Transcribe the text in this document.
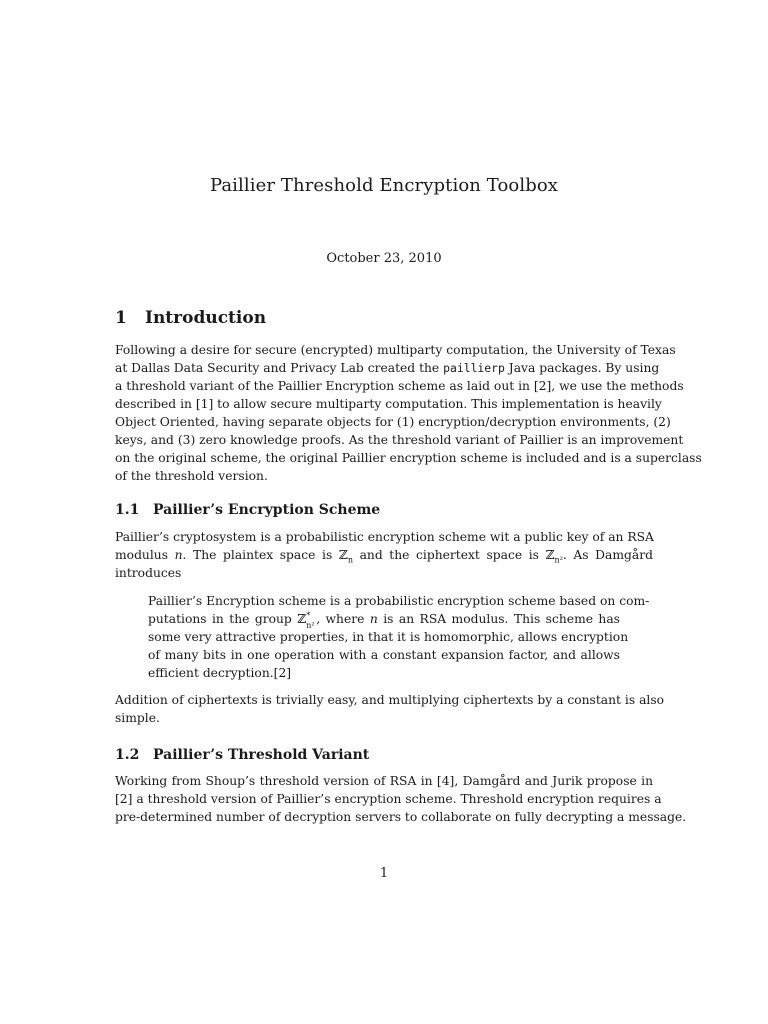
Paillier Threshold Encryption Toolbox
October 23, 2010
1 Introduction
Following a desire for secure (encrypted) multiparty computation, the University of Texas
at Dallas Data Security and Privacy Lab created the paillierp Java packages. By using
a threshold variant of the Paillier Encryption scheme as laid out in [2], we use the methods
described in [1] to allow secure multiparty computation. This implementation is heavily
Object Oriented, having separate objects for (1) encryption/decryption environments, (2)
keys, and (3) zero knowledge proofs. As the threshold variant of Paillier is an improvement
on the original scheme, the original Paillier encryption scheme is included and is a superclass
of the threshold version.
1.1 Paillier’s Encryption Scheme
Paillier’s cryptosystem is a probabilistic encryption scheme wit a public key of an RSA
modulus n. The plaintex space is ℤ$_n$ and the ciphertext space is ℤ$_{n^2}$. As Damgård
introduces
Paillier’s Encryption scheme is a probabilistic encryption scheme based on com-
putations in the group ℤ *
n² , where n is an RSA modulus. This scheme has
some very attractive properties, in that it is homomorphic, allows encryption
of many bits in one operation with a constant expansion factor, and allows
efficient decryption.[2]
Addition of ciphertexts is trivially easy, and multiplying ciphertexts by a constant is also
simple.
1.2 Paillier’s Threshold Variant
Working from Shoup’s threshold version of RSA in [4], Damgård and Jurik propose in
[2] a threshold version of Paillier’s encryption scheme. Threshold encryption requires a
pre-determined number of decryption servers to collaborate on fully decrypting a message.
1
